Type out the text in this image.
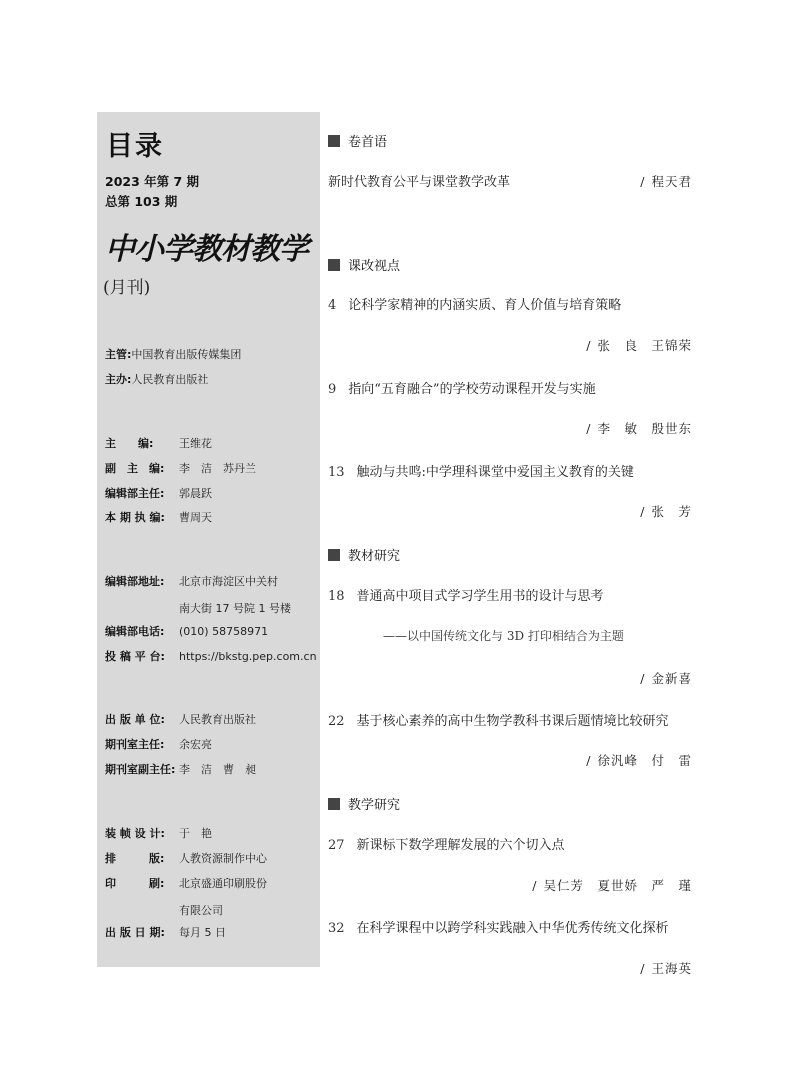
目录
2023 年第 7 期
总第 103 期
中小学教材教学
(月刊)
主管:中国教育出版传媒集团
主办:人民教育出版社
主　　编: 王维花
副　主　编: 李　洁　苏丹兰
编辑部主任: 郭晨跃
本 期 执 编: 曹周天
编辑部地址: 北京市海淀区中关村
南大街 17 号院 1 号楼
编辑部电话: (010) 58758971
投 稿 平 台: https://bkstg.pep.com.cn
出 版 单 位: 人民教育出版社
期刊室主任: 余宏亮
期刊室副主任: 李　洁　曹　昶
装 帧 设 计: 于　艳
排　　　版: 人教资源制作中心
印　　　刷: 北京盛通印刷股份
有限公司
出 版 日 期: 每月 5 日
卷首语
新时代教育公平与课堂教学改革	/ 程天君
课改视点
4 论科学家精神的内涵实质、育人价值与培育策略
/ 张　良　王锦荣
9 指向“五育融合”的学校劳动课程开发与实施
/ 李　敏　殷世东
13 触动与共鸣:中学理科课堂中爱国主义教育的关键
/ 张　芳
教材研究
18 普通高中项目式学习学生用书的设计与思考
——以中国传统文化与 3D 打印相结合为主题
/ 金新喜
22 基于核心素养的高中生物学教科书课后题情境比较研究
/ 徐汎峰　付　雷
教学研究
27 新课标下数学理解发展的六个切入点
/ 吴仁芳　夏世娇　严　瑾
32 在科学课程中以跨学科实践融入中华优秀传统文化探析
/ 王海英
